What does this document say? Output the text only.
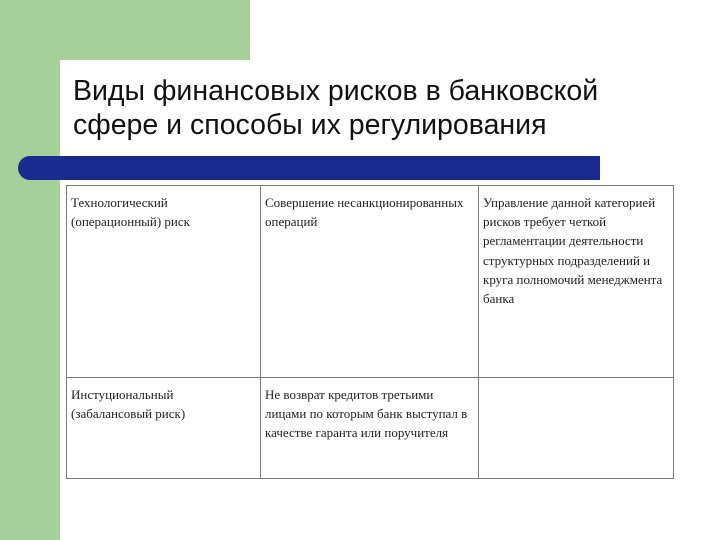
Виды финансовых рисков в банковской
сфере и способы их регулирования
Технологический (операционный) риск	Совершение несанкционированных операций	Управление данной категорией рисков требует четкой регламентации деятельности структурных подразделений и круга полномочий менеджмента банка
Инстуциональный (забалансовый риск)	Не возврат кредитов третьими лицами по которым банк выступал в качестве гаранта или поручителя	
